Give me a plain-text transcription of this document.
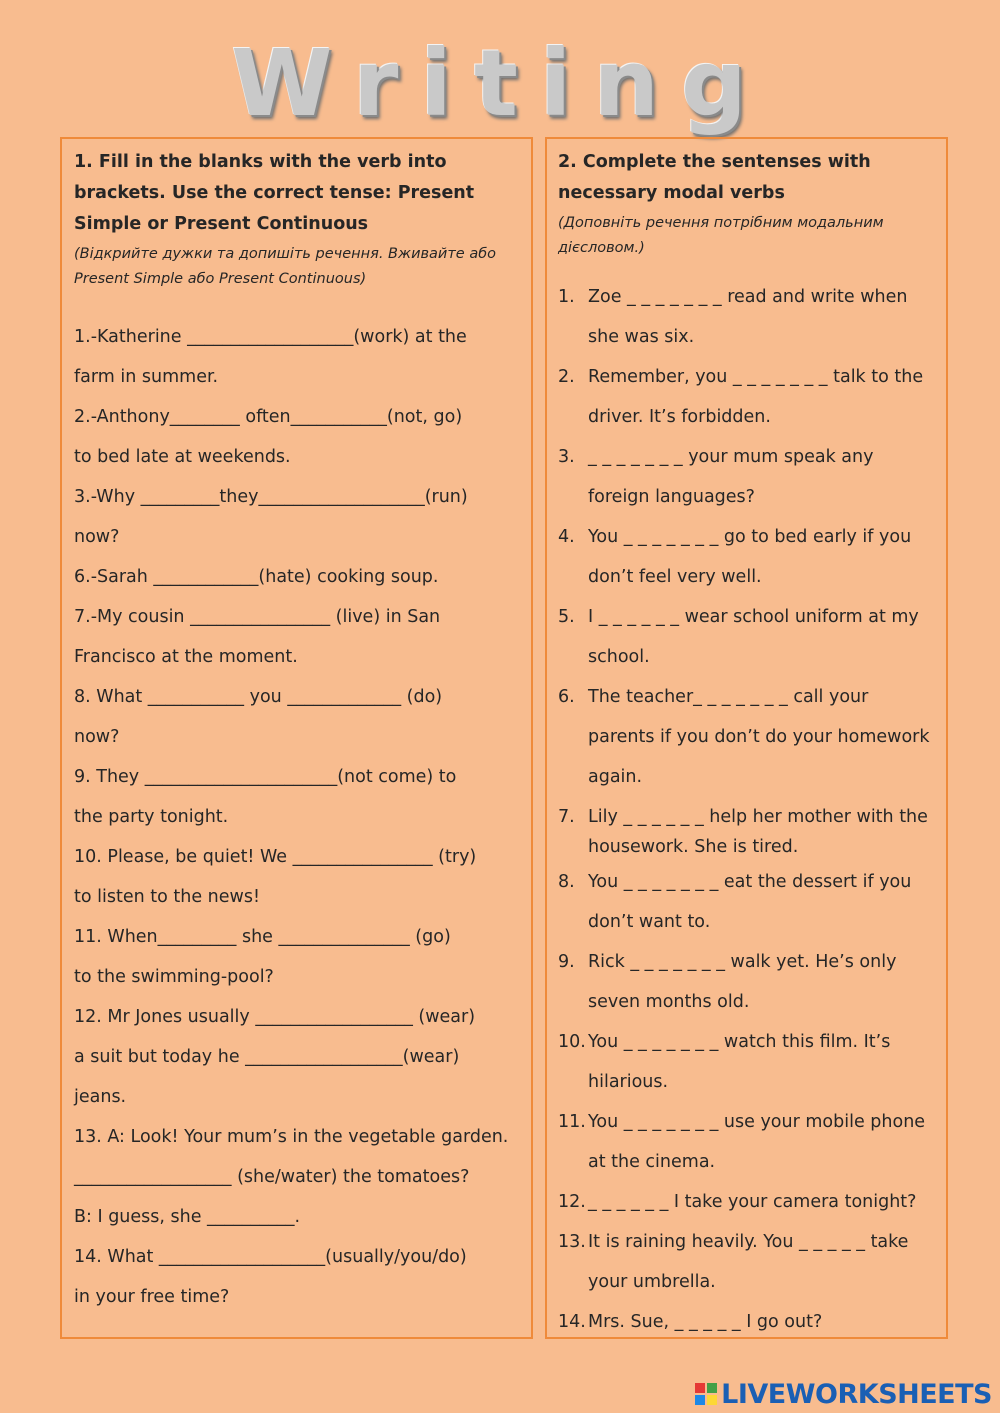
Writing

1. Fill in the blanks with the verb into brackets. Use the correct tense: Present Simple or Present Continuous

(Відкрийте дужки та допишіть речення. Вживайте або Present Simple або Present Continuous)

1.-Katherine ___________________(work) at the

farm in summer.

2.-Anthony________ often___________(not, go)

to bed late at weekends.

3.-Why _________they___________________(run)

now?

6.-Sarah ____________(hate) cooking soup.

7.-My cousin ________________ (live) in San

Francisco at the moment.

8. What ___________ you _____________ (do)

now?

9. They ______________________(not come) to

the party tonight.

10. Please, be quiet! We ________________ (try)

to listen to the news!

11. When_________ she _______________ (go)

to the swimming-pool?

12. Mr Jones usually __________________ (wear)

a suit but today he __________________(wear)

jeans.

13. A: Look! Your mum’s in the vegetable garden.

__________________ (she/water) the tomatoes?

B: I guess, she __________.

14. What ___________________(usually/you/do)

in your free time?

2. Complete the sentenses with necessary modal verbs

(Доповніть речення потрібним модальним дієсловом.)

1. Zoe _ _ _ _ _ _ _ read and write when she was six.
2. Remember, you _ _ _ _ _ _ _ talk to the driver. It’s forbidden.
3. _ _ _ _ _ _ _ your mum speak any foreign languages?
4. You _ _ _ _ _ _ _ go to bed early if you don’t feel very well.
5. I _ _ _ _ _ _ wear school uniform at my school.
6. The teacher_ _ _ _ _ _ _ call your parents if you don’t do your homework again.
7. Lily _ _ _ _ _ _ help her mother with the housework. She is tired.
8. You _ _ _ _ _ _ _ eat the dessert if you don’t want to.
9. Rick _ _ _ _ _ _ _ walk yet. He’s only seven months old.
10. You _ _ _ _ _ _ _ watch this film. It’s hilarious.
11. You _ _ _ _ _ _ _ use your mobile phone at the cinema.
12. _ _ _ _ _ _ I take your camera tonight?
13. It is raining heavily. You _ _ _ _ _ take your umbrella.
14. Mrs. Sue, _ _ _ _ _ I go out?
LIVEWORKSHEETS
